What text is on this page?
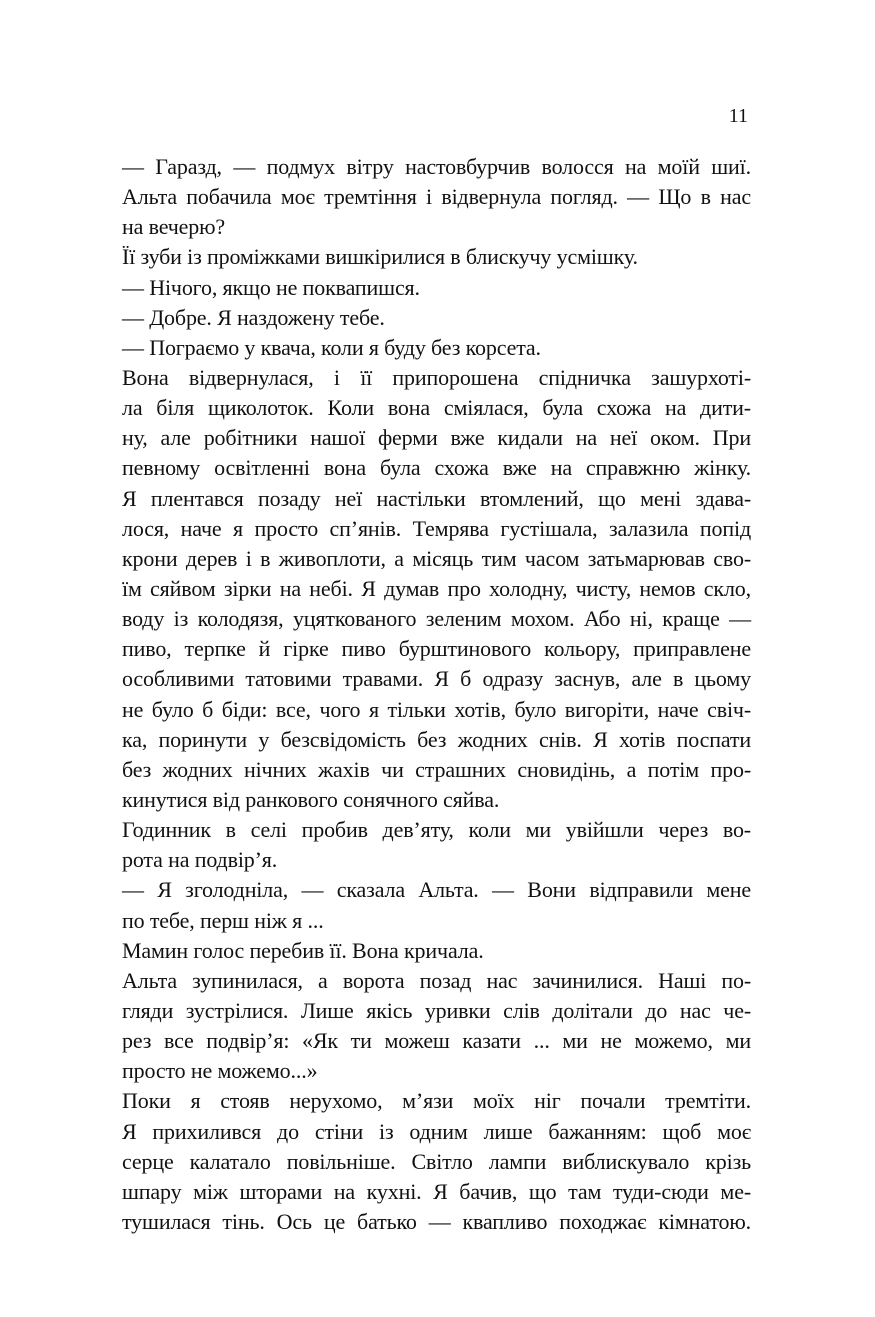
11
— Гаразд, — подмух вітру настовбурчив волосся на моїй шиї.
Альта побачила моє тремтіння і відвернула погляд. — Що в нас
на вечерю?
Її зуби із проміжками вишкірилися в блискучу усмішку.
— Нічого, якщо не поквапишся.
— Добре. Я наздожену тебе.
— Пограємо у квача, коли я буду без корсета.
Вона відвернулася, і її припорошена спідничка зашурхоті-
ла біля щиколоток. Коли вона сміялася, була схожа на дити-
ну, але робітники нашої ферми вже кидали на неї оком. При
певному освітленні вона була схожа вже на справжню жінку.
Я плентався позаду неї настільки втомлений, що мені здава-
лося, наче я просто сп’янів. Темрява густішала, залазила попід
крони дерев і в живоплоти, а місяць тим часом затьмарював сво-
їм сяйвом зірки на небі. Я думав про холодну, чисту, немов скло,
воду із колодязя, уцяткованого зеленим мохом. Або ні, краще —
пиво, терпке й гірке пиво бурштинового кольору, приправлене
особливими татовими травами. Я б одразу заснув, але в цьому
не було б біди: все, чого я тільки хотів, було вигоріти, наче свіч-
ка, поринути у безсвідомість без жодних снів. Я хотів поспати
без жодних нічних жахів чи страшних сновидінь, а потім про-
кинутися від ранкового сонячного сяйва.
Годинник в селі пробив дев’яту, коли ми увійшли через во-
рота на подвір’я.
— Я зголодніла, — сказала Альта. — Вони відправили мене
по тебе, перш ніж я ...
Мамин голос перебив її. Вона кричала.
Альта зупинилася, а ворота позад нас зачинилися. Наші по-
гляди зустрілися. Лише якісь уривки слів долітали до нас че-
рез все подвір’я: «Як ти можеш казати ... ми не можемо, ми
просто не можемо...»
Поки я стояв нерухомо, м’язи моїх ніг почали тремтіти.
Я прихилився до стіни із одним лише бажанням: щоб моє
серце калатало повільніше. Світло лампи виблискувало крізь
шпару між шторами на кухні. Я бачив, що там туди-сюди ме-
тушилася тінь. Ось це батько — квапливо походжає кімнатою.
